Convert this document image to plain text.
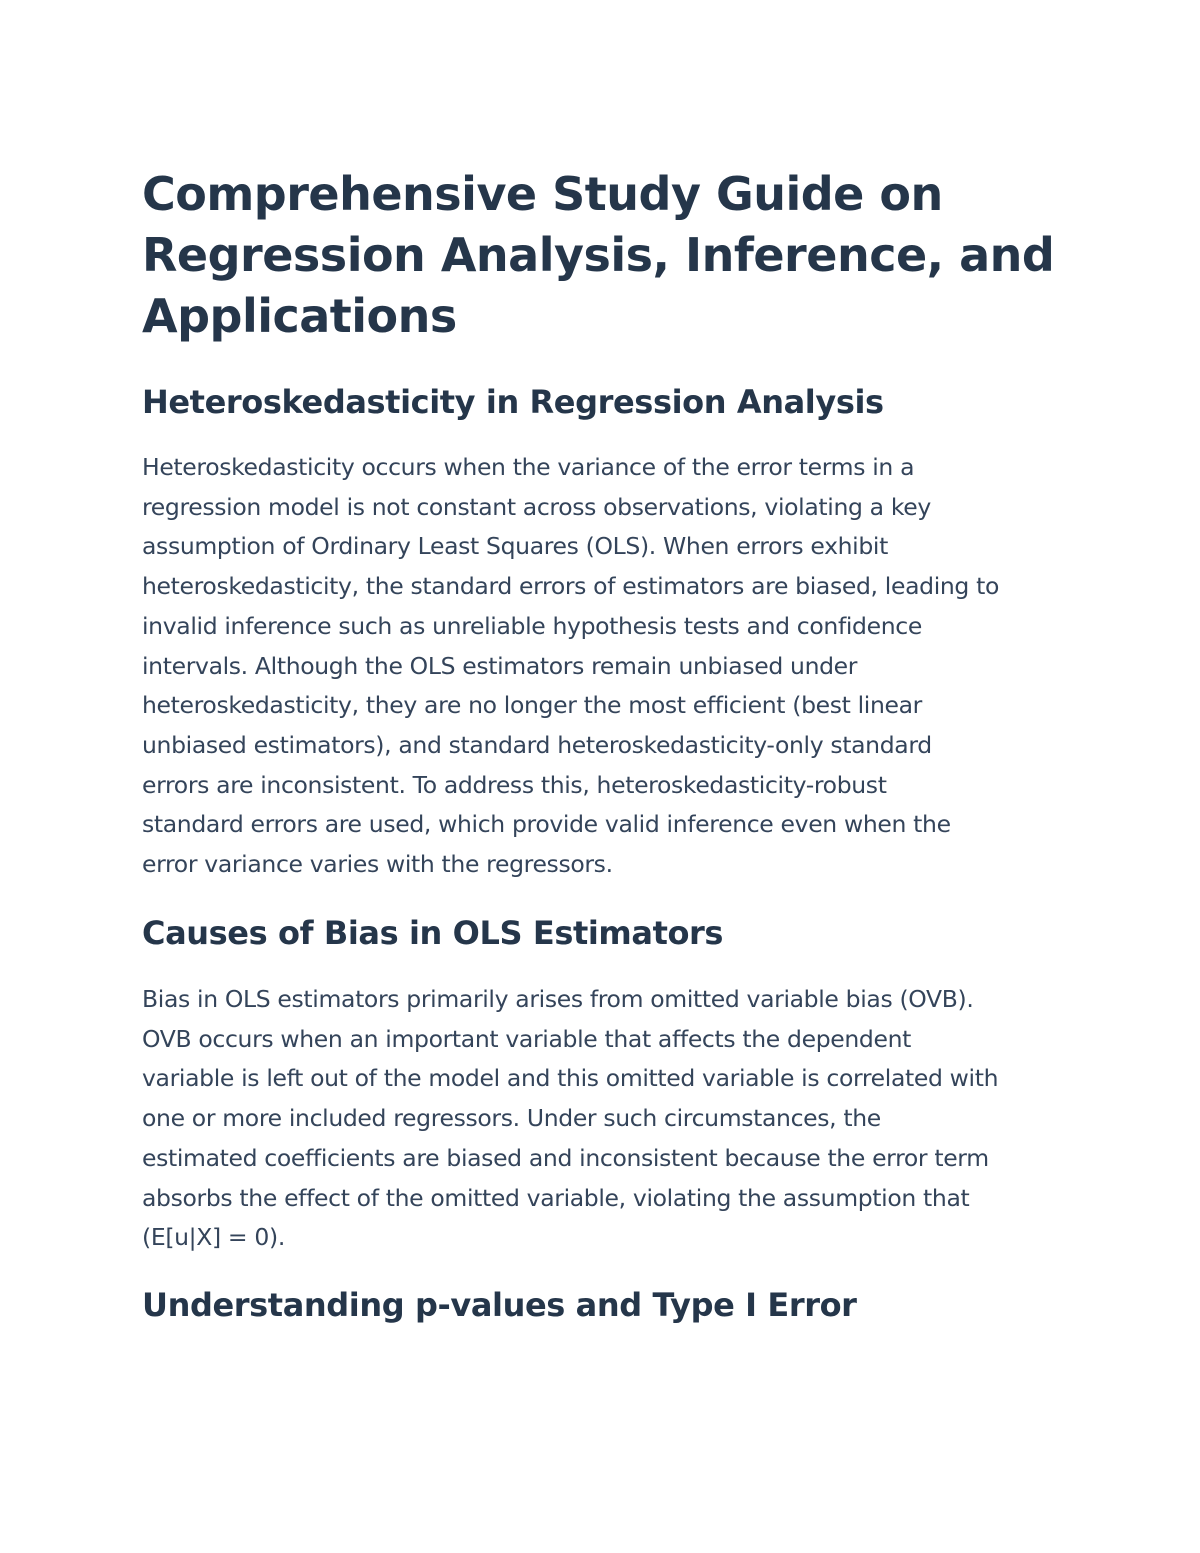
Comprehensive Study Guide on
Regression Analysis, Inference, and
Applications
Heteroskedasticity in Regression Analysis
Heteroskedasticity occurs when the variance of the error terms in a
regression model is not constant across observations, violating a key
assumption of Ordinary Least Squares (OLS). When errors exhibit
heteroskedasticity, the standard errors of estimators are biased, leading to
invalid inference such as unreliable hypothesis tests and confidence
intervals. Although the OLS estimators remain unbiased under
heteroskedasticity, they are no longer the most efficient (best linear
unbiased estimators), and standard heteroskedasticity-only standard
errors are inconsistent. To address this, heteroskedasticity-robust
standard errors are used, which provide valid inference even when the
error variance varies with the regressors.
Causes of Bias in OLS Estimators
Bias in OLS estimators primarily arises from omitted variable bias (OVB).
OVB occurs when an important variable that affects the dependent
variable is left out of the model and this omitted variable is correlated with
one or more included regressors. Under such circumstances, the
estimated coefficients are biased and inconsistent because the error term
absorbs the effect of the omitted variable, violating the assumption that
(E[u|X] = 0).
Understanding p-values and Type I Error
